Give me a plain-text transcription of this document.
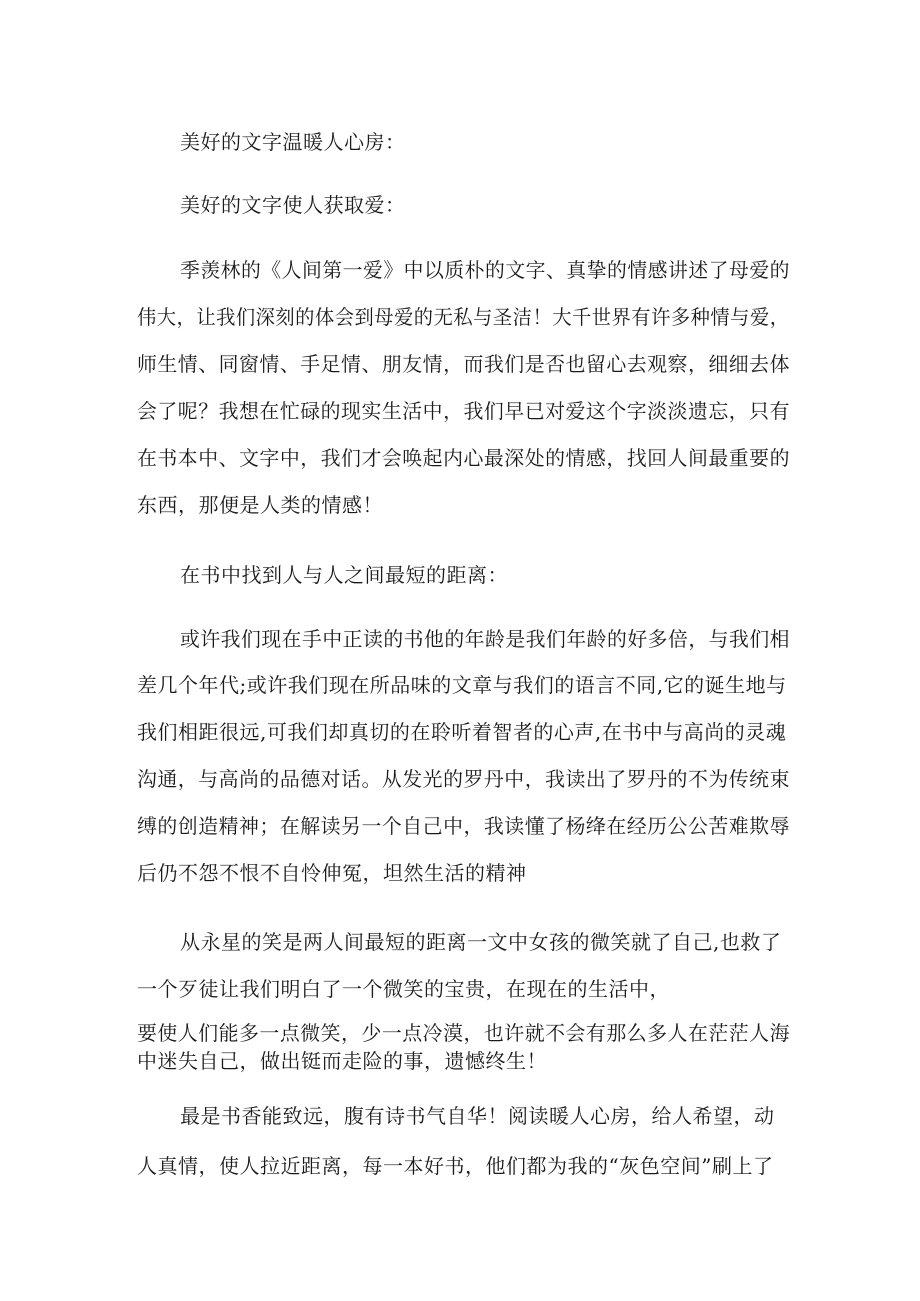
美好的文字温暖人心房：
美好的文字使人获取爱：
季羡林的《人间第一爱》中以质朴的文字、真挚的情感讲述了母爱的
伟大，让我们深刻的体会到母爱的无私与圣洁！大千世界有许多种情与爱，
师生情、同窗情、手足情、朋友情，而我们是否也留心去观察，细细去体
会了呢？我想在忙碌的现实生活中，我们早已对爱这个字淡淡遗忘，只有
在书本中、文字中，我们才会唤起内心最深处的情感，找回人间最重要的
东西，那便是人类的情感！
在书中找到人与人之间最短的距离：
或许我们现在手中正读的书他的年龄是我们年龄的好多倍，与我们相
差几个年代;或许我们现在所品味的文章与我们的语言不同,它的诞生地与
我们相距很远,可我们却真切的在聆听着智者的心声,在书中与高尚的灵魂
沟通，与高尚的品德对话。从发光的罗丹中，我读出了罗丹的不为传统束
缚的创造精神；在解读另一个自己中，我读懂了杨绛在经历公公苦难欺辱
后仍不怨不恨不自怜伸冤，坦然生活的精神
从永星的笑是两人间最短的距离一文中女孩的微笑就了自己,也救了
一个歹徒让我们明白了一个微笑的宝贵，在现在的生活中，
要使人们能多一点微笑，少一点冷漠，也许就不会有那么多人在茫茫人海
中迷失自己，做出铤而走险的事，遗憾终生！
最是书香能致远，腹有诗书气自华！阅读暖人心房，给人希望，动
人真情，使人拉近距离，每一本好书，他们都为我的“灰色空间”刷上了
